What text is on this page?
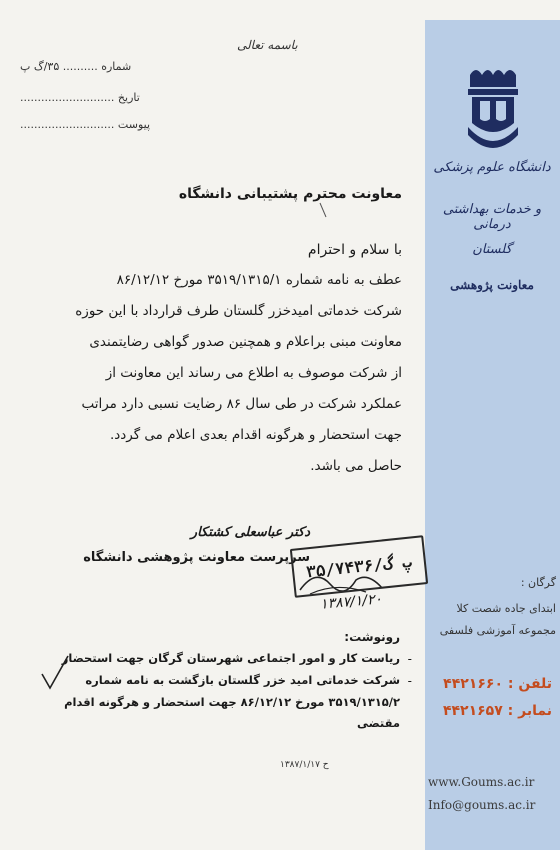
دانشگاه علوم پزشکی
و خدمات بهداشتی درمانی
گلستان
معاونت پژوهشی
گرگان :
ابتدای جاده شصت کلا
مجموعه آموزشی فلسفی
تلفن : ۴۴۲۱۶۶۰
نمابر : ۴۴۲۱۶۵۷
www.Goums.ac.ir
Info@goums.ac.ir
باسمه تعالی
شماره .......... ۳۵/گ پ
تاریخ ...........................
پیوست ...........................
معاونت محترم پشتیبانی دانشگاه
با سلام و احترام
عطف به نامه شماره ۳۵۱۹/۱۳۱۵/۱ مورخ ۸۶/۱۲/۱۲
شرکت خدماتی امیدخزر گلستان طرف قرارداد با این حوزه
معاونت مبنی براعلام و همچنین صدور گواهی رضایتمندی
از شرکت موصوف به اطلاع می رساند این معاونت از
عملکرد شرکت در طی سال ۸۶ رضایت نسبی دارد مراتب
جهت استحضار و هرگونه اقدام بعدی اعلام می گردد.
حاصل می باشد.
دکتر عباسعلی کشتکار
سرپرست معاونت پژوهشی دانشگاه
۳۵/۷۴۳۶/پ گ
۱۳۸۷/۱/۲۰
رونوشت:
-
-
ریاست کار و امور اجتماعی شهرستان گرگان جهت استحضار
شرکت خدماتی امید خزر گلستان بازگشت به نامه شماره
۳۵۱۹/۱۳۱۵/۲ مورخ ۸۶/۱۲/۱۲ جهت استحضار و هرگونه اقدام
مقتضی
ح ۱۳۸۷/۱/۱۷
